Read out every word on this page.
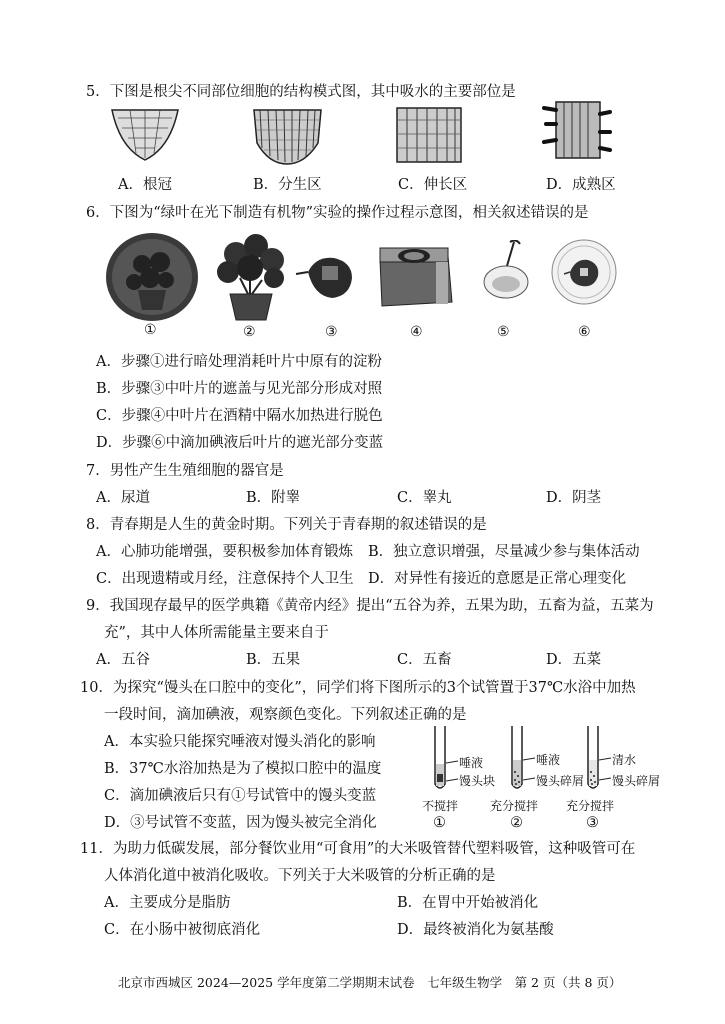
5．下图是根尖不同部位细胞的结构模式图，其中吸水的主要部位是
A．根冠	B．分生区	C．伸长区	D．成熟区
6．下图为“绿叶在光下制造有机物”实验的操作过程示意图，相关叙述错误的是
①	②	③	④	⑤	⑥
A．步骤①进行暗处理消耗叶片中原有的淀粉
B．步骤③中叶片的遮盖与见光部分形成对照
C．步骤④中叶片在酒精中隔水加热进行脱色
D．步骤⑥中滴加碘液后叶片的遮光部分变蓝
7．男性产生生殖细胞的器官是
A．尿道	B．附睾	C．睾丸	D．阴茎
8．青春期是人生的黄金时期。下列关于青春期的叙述错误的是
A．心肺功能增强，要积极参加体育锻炼 B．独立意识增强，尽量减少参与集体活动
C．出现遗精或月经，注意保持个人卫生 D．对异性有接近的意愿是正常心理变化
9．我国现存最早的医学典籍《黄帝内经》提出“五谷为养，五果为助，五畜为益，五菜为
充”，其中人体所需能量主要来自于
A．五谷	B．五果	C．五畜	D．五菜
10．为探究“馒头在口腔中的变化”，同学们将下图所示的3个试管置于37℃水浴中加热
一段时间，滴加碘液，观察颜色变化。下列叙述正确的是
A．本实验只能探究唾液对馒头消化的影响
B．37℃水浴加热是为了模拟口腔中的温度
C．滴加碘液后只有①号试管中的馒头变蓝
D．③号试管不变蓝，因为馒头被完全消化
唾液
馒头块
唾液
馒头碎屑
清水
馒头碎屑
不搅拌	充分搅拌 充分搅拌
①	②	③
11．为助力低碳发展，部分餐饮业用“可食用”的大米吸管替代塑料吸管，这种吸管可在
人体消化道中被消化吸收。下列关于大米吸管的分析正确的是
A．主要成分是脂肪	B．在胃中开始被消化
C．在小肠中被彻底消化	D．最终被消化为氨基酸
北京市西城区 2024—2025 学年度第二学期期末试卷　七年级生物学　第 2 页（共 8 页）
